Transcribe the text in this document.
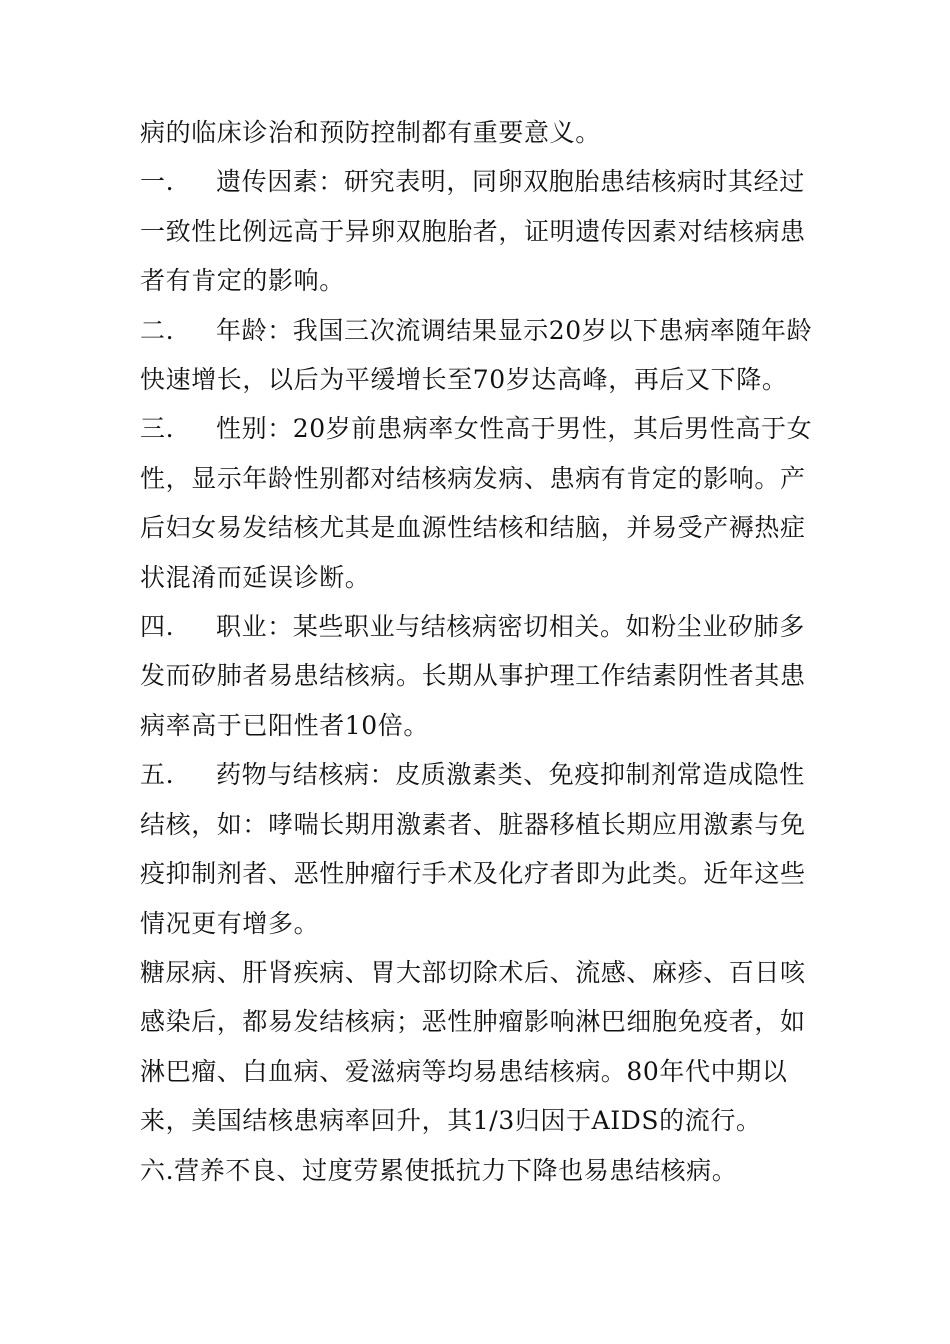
病的临床诊治和预防控制都有重要意义。

一. 遗传因素：研究表明，同卵双胞胎患结核病时其经过一致性比例远高于异卵双胞胎者，证明遗传因素对结核病患者有肯定的影响。

二. 年龄：我国三次流调结果显示20岁以下患病率随年龄快速增长，以后为平缓增长至70岁达高峰，再后又下降。

三. 性别：20岁前患病率女性高于男性，其后男性高于女性，显示年龄性别都对结核病发病、患病有肯定的影响。产后妇女易发结核尤其是血源性结核和结脑，并易受产褥热症状混淆而延误诊断。

四. 职业：某些职业与结核病密切相关。如粉尘业矽肺多发而矽肺者易患结核病。长期从事护理工作结素阴性者其患病率高于已阳性者10倍。

五. 药物与结核病：皮质激素类、免疫抑制剂常造成隐性结核，如：哮喘长期用激素者、脏器移植长期应用激素与免疫抑制剂者、恶性肿瘤行手术及化疗者即为此类。近年这些情况更有增多。

糖尿病、肝肾疾病、胃大部切除术后、流感、麻疹、百日咳感染后，都易发结核病；恶性肿瘤影响淋巴细胞免疫者，如淋巴瘤、白血病、爱滋病等均易患结核病。80年代中期以来，美国结核患病率回升，其1/3归因于AIDS的流行。

六.营养不良、过度劳累使抵抗力下降也易患结核病。
